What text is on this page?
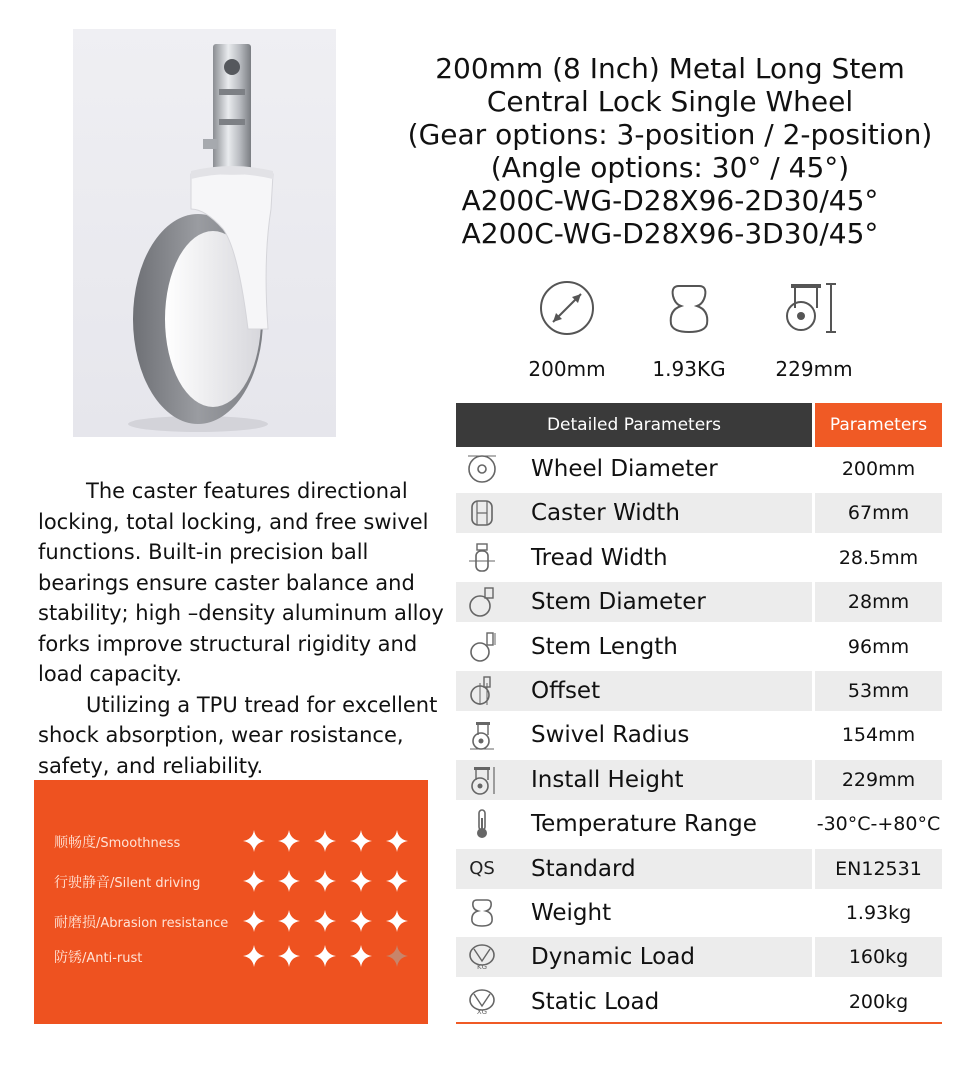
200mm (8 Inch) Metal Long Stem
Central Lock Single Wheel
(Gear options: 3-position / 2-position)
(Angle options: 30° / 45°)
A200C-WG-D28X96-2D30/45°
A200C-WG-D28X96-3D30/45°
200mm	1.93KG	229mm

The caster features directional locking, total locking, and free swivel functions. Built-in precision ball bearings ensure caster balance and stability; high –density aluminum alloy forks improve structural rigidity and load capacity.

Utilizing a TPU tread for excellent shock absorption, wear rosistance, safety, and reliability.

顺畅度/Smoothness
行驶静音/Silent driving
耐磨损/Abrasion resistance
防锈/Anti-rust
Detailed Parameters	Parameters
Wheel Diameter	200mm
Caster Width	67mm
Tread Width	28.5mm
Stem Diameter	28mm
Stem Length	96mm
Offset	53mm
Swivel Radius	154mm
Install Height	229mm
Temperature Range	-30°C-+80°C
QS Standard	EN12531
Weight	1.93kg
KG	Dynamic Load	160kg
XG	Static Load	200kg
